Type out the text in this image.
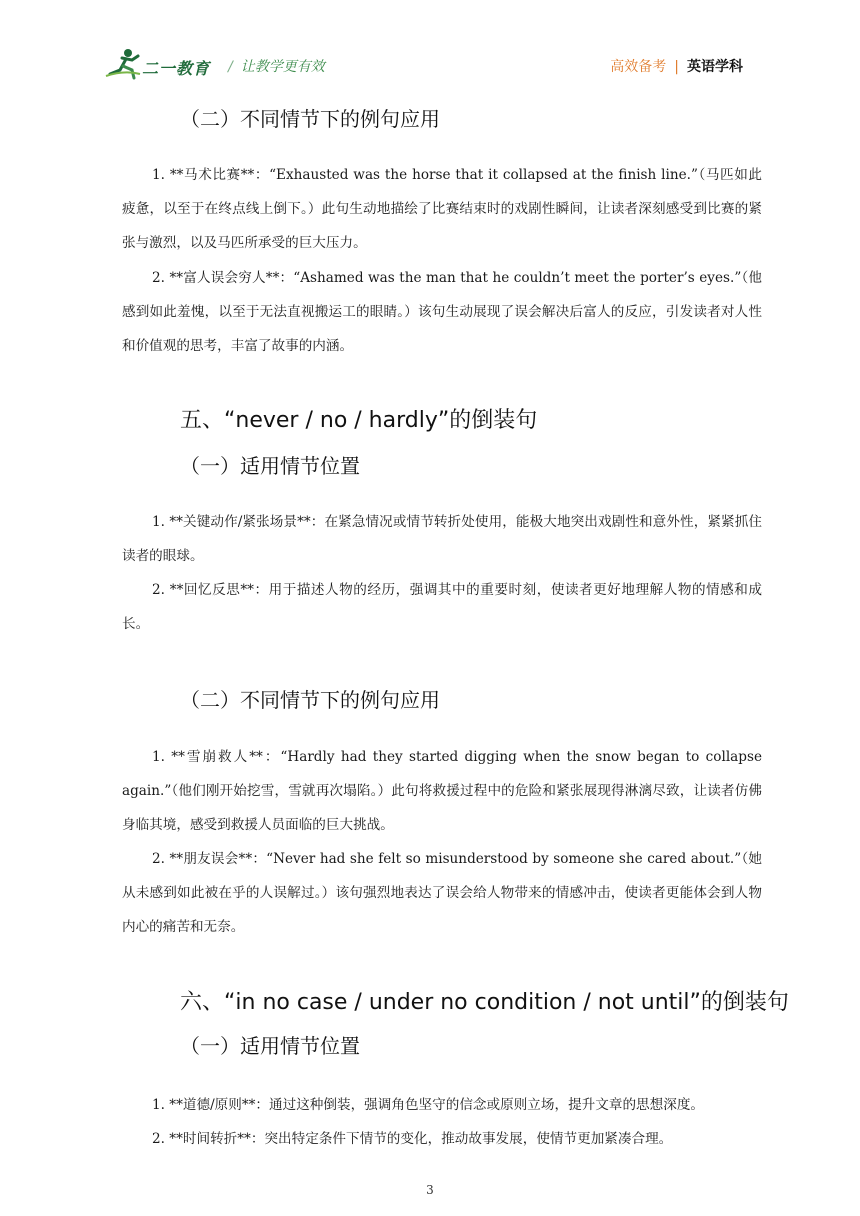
二一教育 / 让教学更有效	高效备考 | 英语学科
（二）不同情节下的例句应用
1. **马术比赛**：“Exhausted was the horse that it collapsed at the finish line.”（马匹如此疲惫，以至于在终点线上倒下。）此句生动地描绘了比赛结束时的戏剧性瞬间，让读者深刻感受到比赛的紧张与激烈，以及马匹所承受的巨大压力。
2. **富人误会穷人**：“Ashamed was the man that he couldn’t meet the porter’s eyes.”（他感到如此羞愧，以至于无法直视搬运工的眼睛。）该句生动展现了误会解决后富人的反应，引发读者对人性和价值观的思考，丰富了故事的内涵。
五、“never / no / hardly”的倒装句
（一）适用情节位置
1. **关键动作/紧张场景**：在紧急情况或情节转折处使用，能极大地突出戏剧性和意外性，紧紧抓住读者的眼球。
2. **回忆反思**：用于描述人物的经历，强调其中的重要时刻，使读者更好地理解人物的情感和成长。
（二）不同情节下的例句应用
1. **雪崩救人**：“Hardly had they started digging when the snow began to collapse again.”（他们刚开始挖雪，雪就再次塌陷。）此句将救援过程中的危险和紧张展现得淋漓尽致，让读者仿佛身临其境，感受到救援人员面临的巨大挑战。
2. **朋友误会**：“Never had she felt so misunderstood by someone she cared about.”（她从未感到如此被在乎的人误解过。）该句强烈地表达了误会给人物带来的情感冲击，使读者更能体会到人物内心的痛苦和无奈。
六、“in no case / under no condition / not until”的倒装句
（一）适用情节位置
1. **道德/原则**：通过这种倒装，强调角色坚守的信念或原则立场，提升文章的思想深度。
2. **时间转折**：突出特定条件下情节的变化，推动故事发展，使情节更加紧凑合理。
3
